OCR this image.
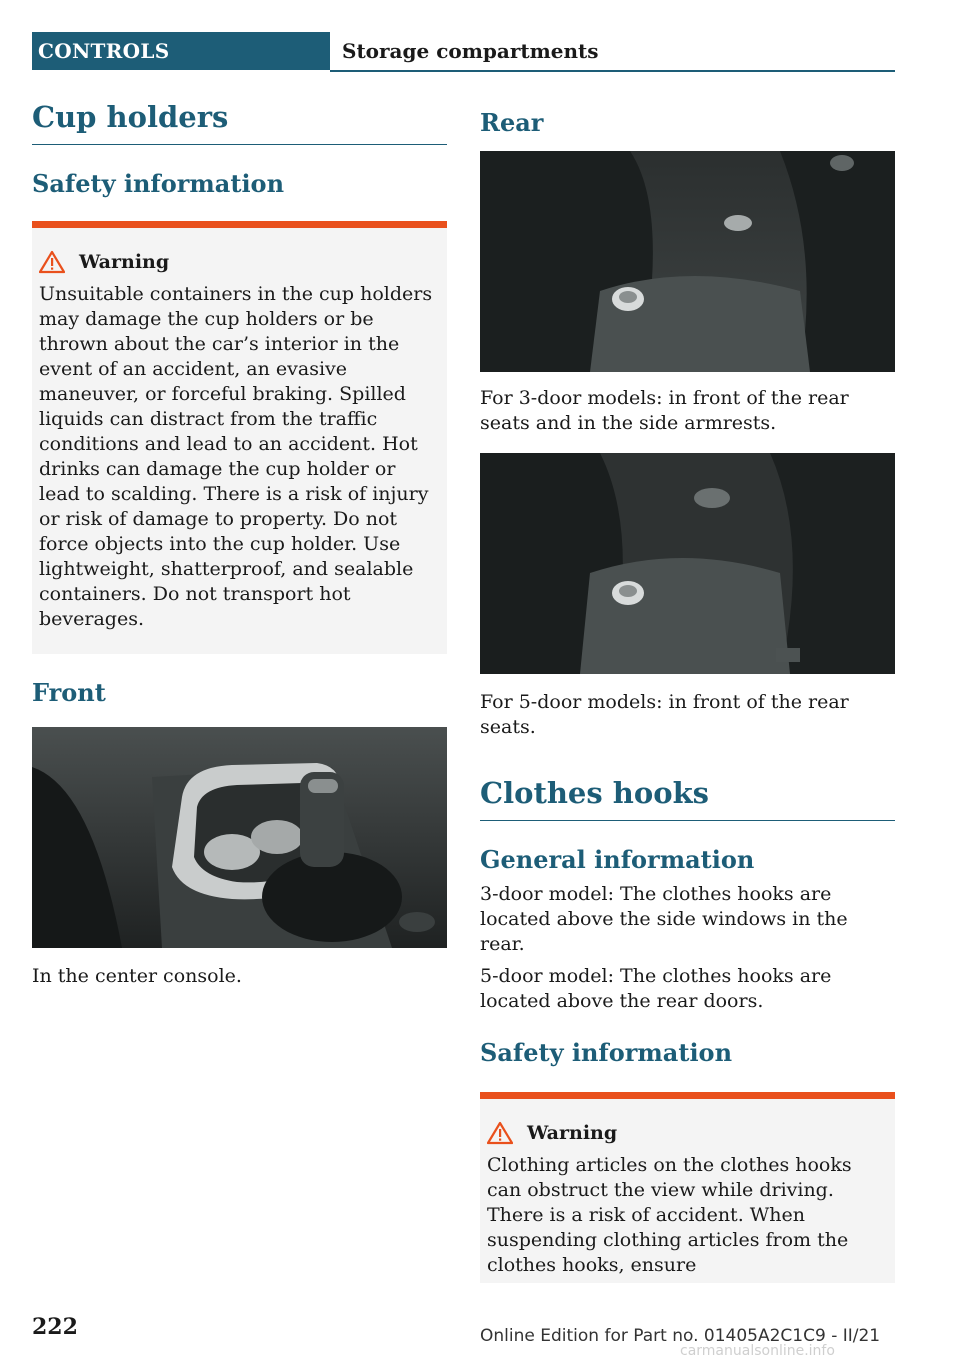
CONTROLS	Storage compartments
Cup holders
Safety information
Warning

Unsuitable containers in the cup holders may damage the cup holders or be thrown about the car’s interior in the event of an accident, an evasive maneuver, or forceful braking. Spilled liquids can distract from the traffic conditions and lead to an accident. Hot drinks can damage the cup holder or lead to scalding. There is a risk of injury or risk of damage to property. Do not force objects into the cup holder. Use lightweight, shatterproof, and sealable containers. Do not transport hot beverages.

Front

In the center console.

Rear

For 3-door models: in front of the rear seats and in the side armrests.

For 5-door models: in front of the rear seats.

Clothes hooks
General information

3-door model: The clothes hooks are located above the side windows in the rear.

5-door model: The clothes hooks are located above the rear doors.

Safety information
Warning

Clothing articles on the clothes hooks can obstruct the view while driving. There is a risk of accident. When suspending clothing articles from the clothes hooks, ensure

222	Online Edition for Part no. 01405A2C1C9 - II/21
carmanualsonline.info
